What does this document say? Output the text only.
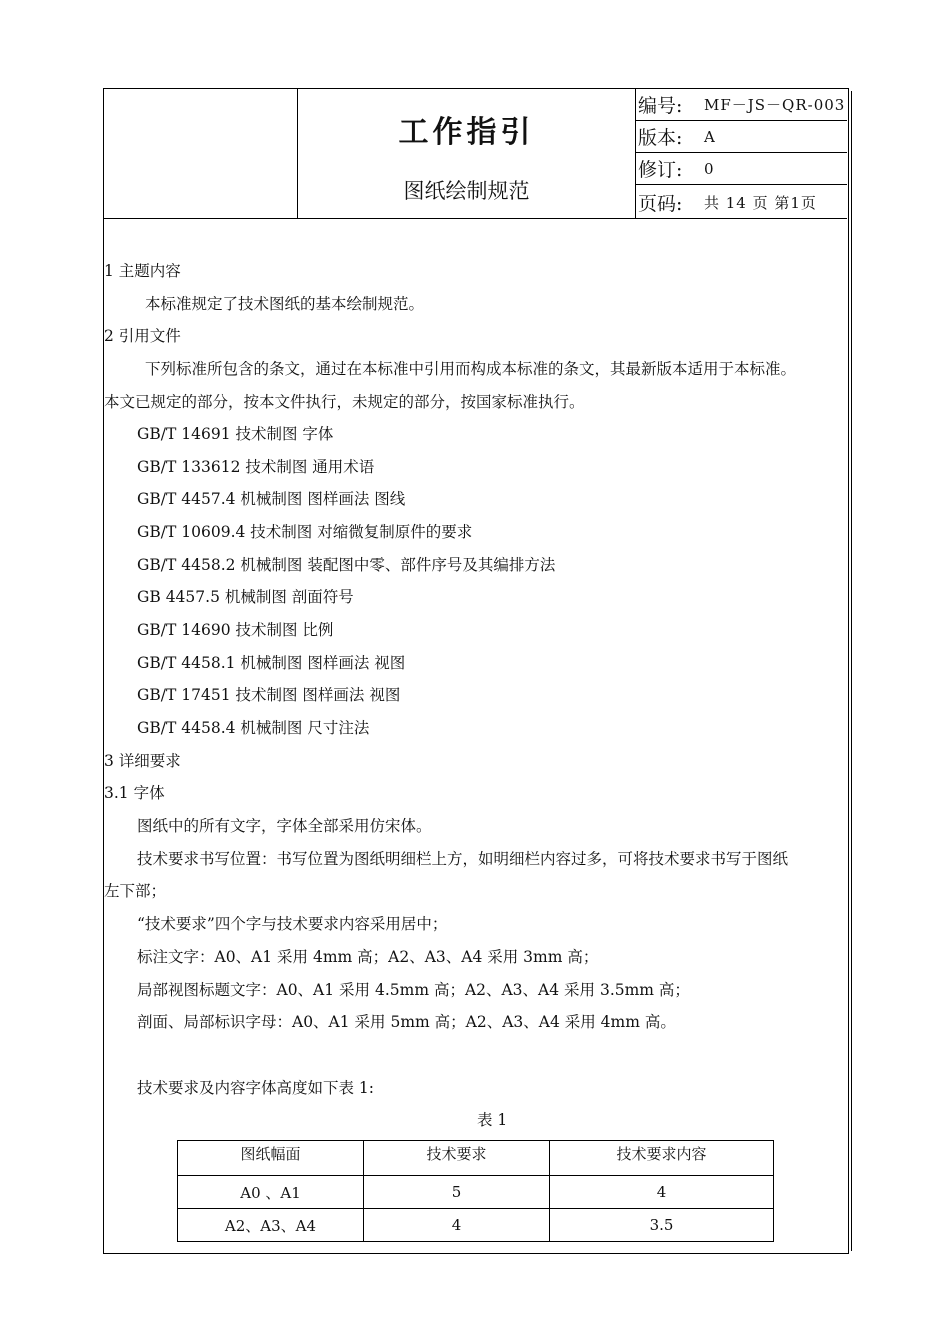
工作指引
图纸绘制规范
编号:	MF－JS－QR-003
版本:	A
修订:	0
页码:	共 14 页 第1页
1 主题内容
本标准规定了技术图纸的基本绘制规范。
2 引用文件
下列标准所包含的条文，通过在本标准中引用而构成本标准的条文，其最新版本适用于本标准。
本文已规定的部分，按本文件执行，未规定的部分，按国家标准执行。
GB/T 14691 技术制图 字体
GB/T 133612 技术制图 通用术语
GB/T 4457.4 机械制图 图样画法 图线
GB/T 10609.4 技术制图 对缩微复制原件的要求
GB/T 4458.2 机械制图 装配图中零、部件序号及其编排方法
GB 4457.5 机械制图 剖面符号
GB/T 14690 技术制图 比例
GB/T 4458.1 机械制图 图样画法 视图
GB/T 17451 技术制图 图样画法 视图
GB/T 4458.4 机械制图 尺寸注法
3 详细要求
3.1 字体
图纸中的所有文字，字体全部采用仿宋体。
技术要求书写位置：书写位置为图纸明细栏上方，如明细栏内容过多，可将技术要求书写于图纸
左下部；
“技术要求”四个字与技术要求内容采用居中；
标注文字：A0、A1 采用 4mm 高；A2、A3、A4 采用 3mm 高；
局部视图标题文字：A0、A1 采用 4.5mm 高；A2、A3、A4 采用 3.5mm 高；
剖面、局部标识字母：A0、A1 采用 5mm 高；A2、A3、A4 采用 4mm 高。
技术要求及内容字体高度如下表 1:
表 1
图纸幅面	技术要求	技术要求内容
A0 、A1	5	4
A2、A3、A4	4	3.5
